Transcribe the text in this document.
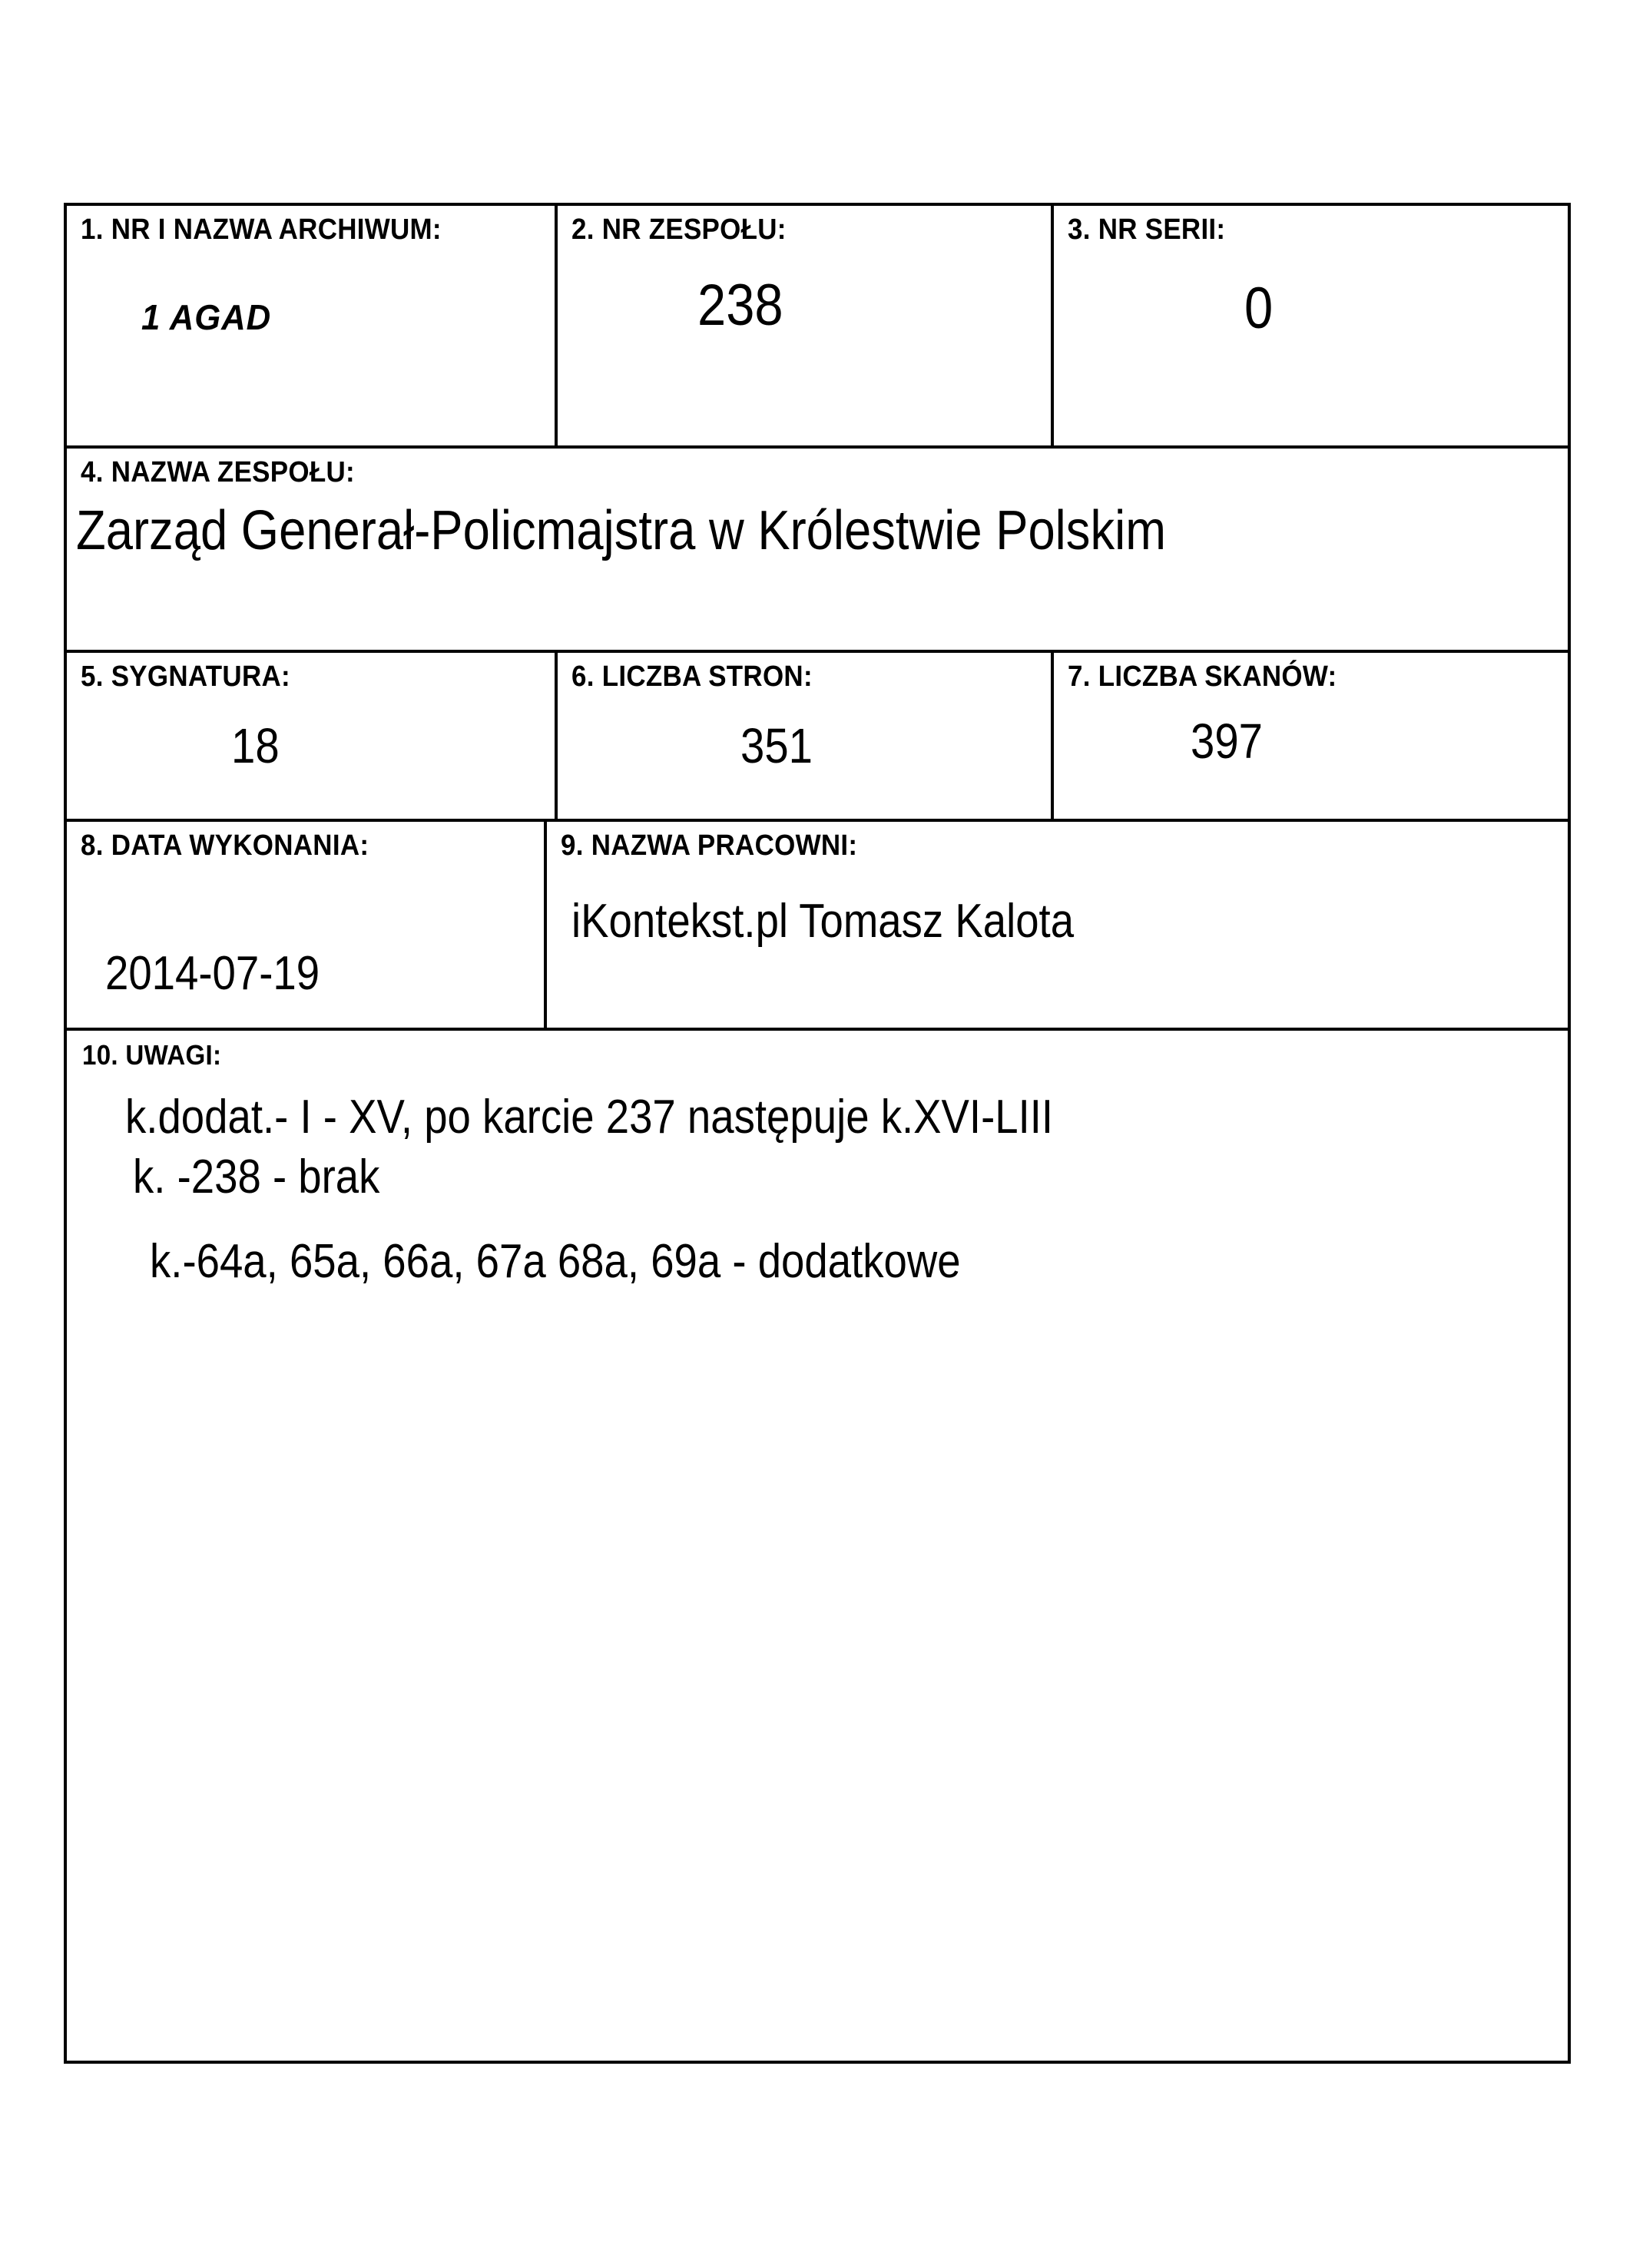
1. NR I NAZWA ARCHIWUM:
1 AGAD
2. NR ZESPOŁU:
238
3. NR SERII:
0
4. NAZWA ZESPOŁU:
Zarząd Generał-Policmajstra w Królestwie Polskim
5. SYGNATURA:
18
6. LICZBA STRON:
351
7. LICZBA SKANÓW:
397
8. DATA WYKONANIA:
2014-07-19
9. NAZWA PRACOWNI:
iKontekst.pl Tomasz Kalota
10. UWAGI:
k.dodat.- I - XV, po karcie 237 następuje k.XVI-LIII
k. -238 - brak
k.-64a, 65a, 66a, 67a 68a, 69a - dodatkowe
